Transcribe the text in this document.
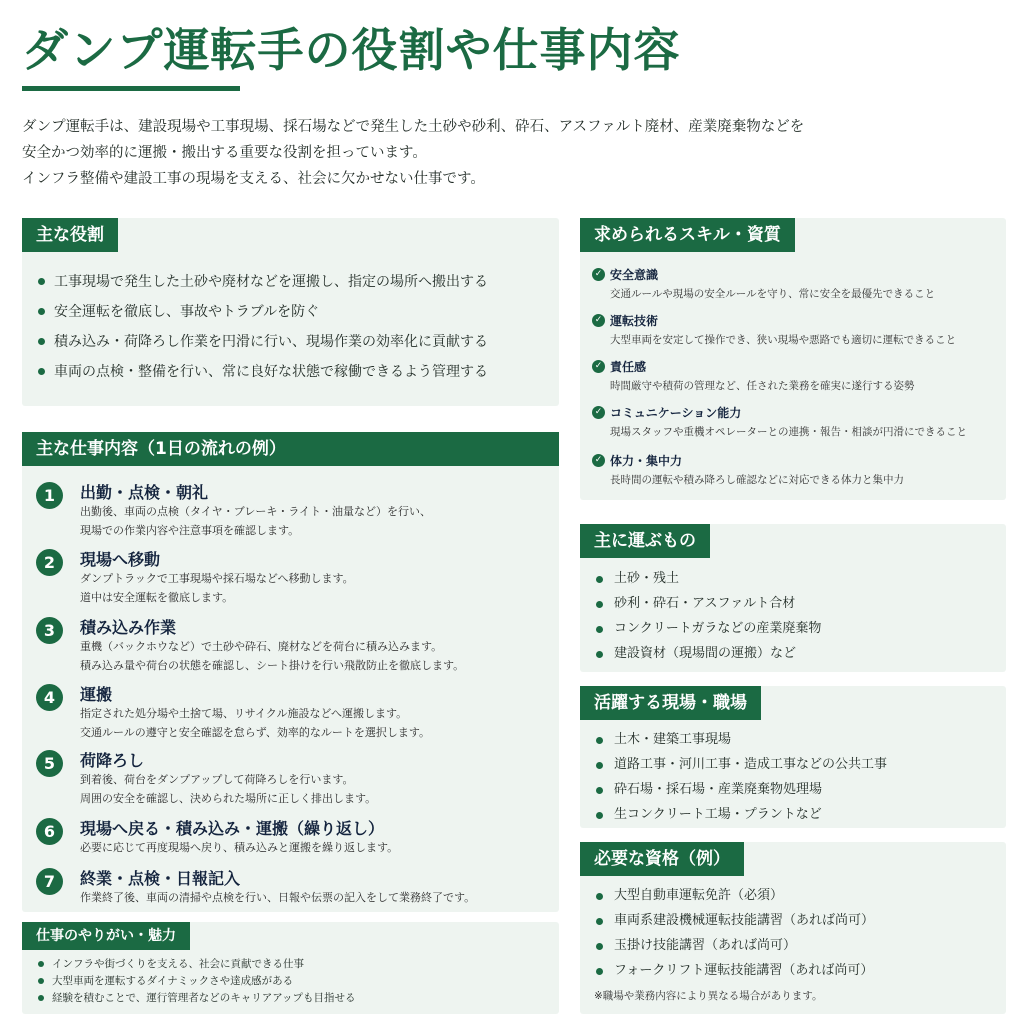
ダンプ運転手の役割や仕事内容
ダンプ運転手は、建設現場や工事現場、採石場などで発生した土砂や砂利、砕石、アスファルト廃材、産業廃棄物などを
安全かつ効率的に運搬・搬出する重要な役割を担っています。
インフラ整備や建設工事の現場を支える、社会に欠かせない仕事です。
主な役割
工事現場で発生した土砂や廃材などを運搬し、指定の場所へ搬出する
安全運転を徹底し、事故やトラブルを防ぐ
積み込み・荷降ろし作業を円滑に行い、現場作業の効率化に貢献する
車両の点検・整備を行い、常に良好な状態で稼働できるよう管理する
主な仕事内容（1日の流れの例）
1	出勤・点検・朝礼
出勤後、車両の点検（タイヤ・ブレーキ・ライト・油量など）を行い、
現場での作業内容や注意事項を確認します。
2	現場へ移動
ダンプトラックで工事現場や採石場などへ移動します。
道中は安全運転を徹底します。
3	積み込み作業
重機（バックホウなど）で土砂や砕石、廃材などを荷台に積み込みます。
積み込み量や荷台の状態を確認し、シート掛けを行い飛散防止を徹底します。
4	運搬
指定された処分場や土捨て場、リサイクル施設などへ運搬します。
交通ルールの遵守と安全確認を怠らず、効率的なルートを選択します。
5	荷降ろし
到着後、荷台をダンプアップして荷降ろしを行います。
周囲の安全を確認し、決められた場所に正しく排出します。
6	現場へ戻る・積み込み・運搬（繰り返し）
必要に応じて再度現場へ戻り、積み込みと運搬を繰り返します。
7	終業・点検・日報記入
作業終了後、車両の清掃や点検を行い、日報や伝票の記入をして業務終了です。
仕事のやりがい・魅力
インフラや街づくりを支える、社会に貢献できる仕事
大型車両を運転するダイナミックさや達成感がある
経験を積むことで、運行管理者などのキャリアアップも目指せる
求められるスキル・資質
✓ 安全意識
交通ルールや現場の安全ルールを守り、常に安全を最優先できること
✓ 運転技術
大型車両を安定して操作でき、狭い現場や悪路でも適切に運転できること
✓ 責任感
時間厳守や積荷の管理など、任された業務を確実に遂行する姿勢
✓ コミュニケーション能力
現場スタッフや重機オペレーターとの連携・報告・相談が円滑にできること
✓ 体力・集中力
長時間の運転や積み降ろし確認などに対応できる体力と集中力
主に運ぶもの
土砂・残土
砂利・砕石・アスファルト合材
コンクリートガラなどの産業廃棄物
建設資材（現場間の運搬）など
活躍する現場・職場
土木・建築工事現場
道路工事・河川工事・造成工事などの公共工事
砕石場・採石場・産業廃棄物処理場
生コンクリート工場・プラントなど
必要な資格（例）
大型自動車運転免許（必須）
車両系建設機械運転技能講習（あれば尚可）
玉掛け技能講習（あれば尚可）
フォークリフト運転技能講習（あれば尚可）
※職場や業務内容により異なる場合があります。
